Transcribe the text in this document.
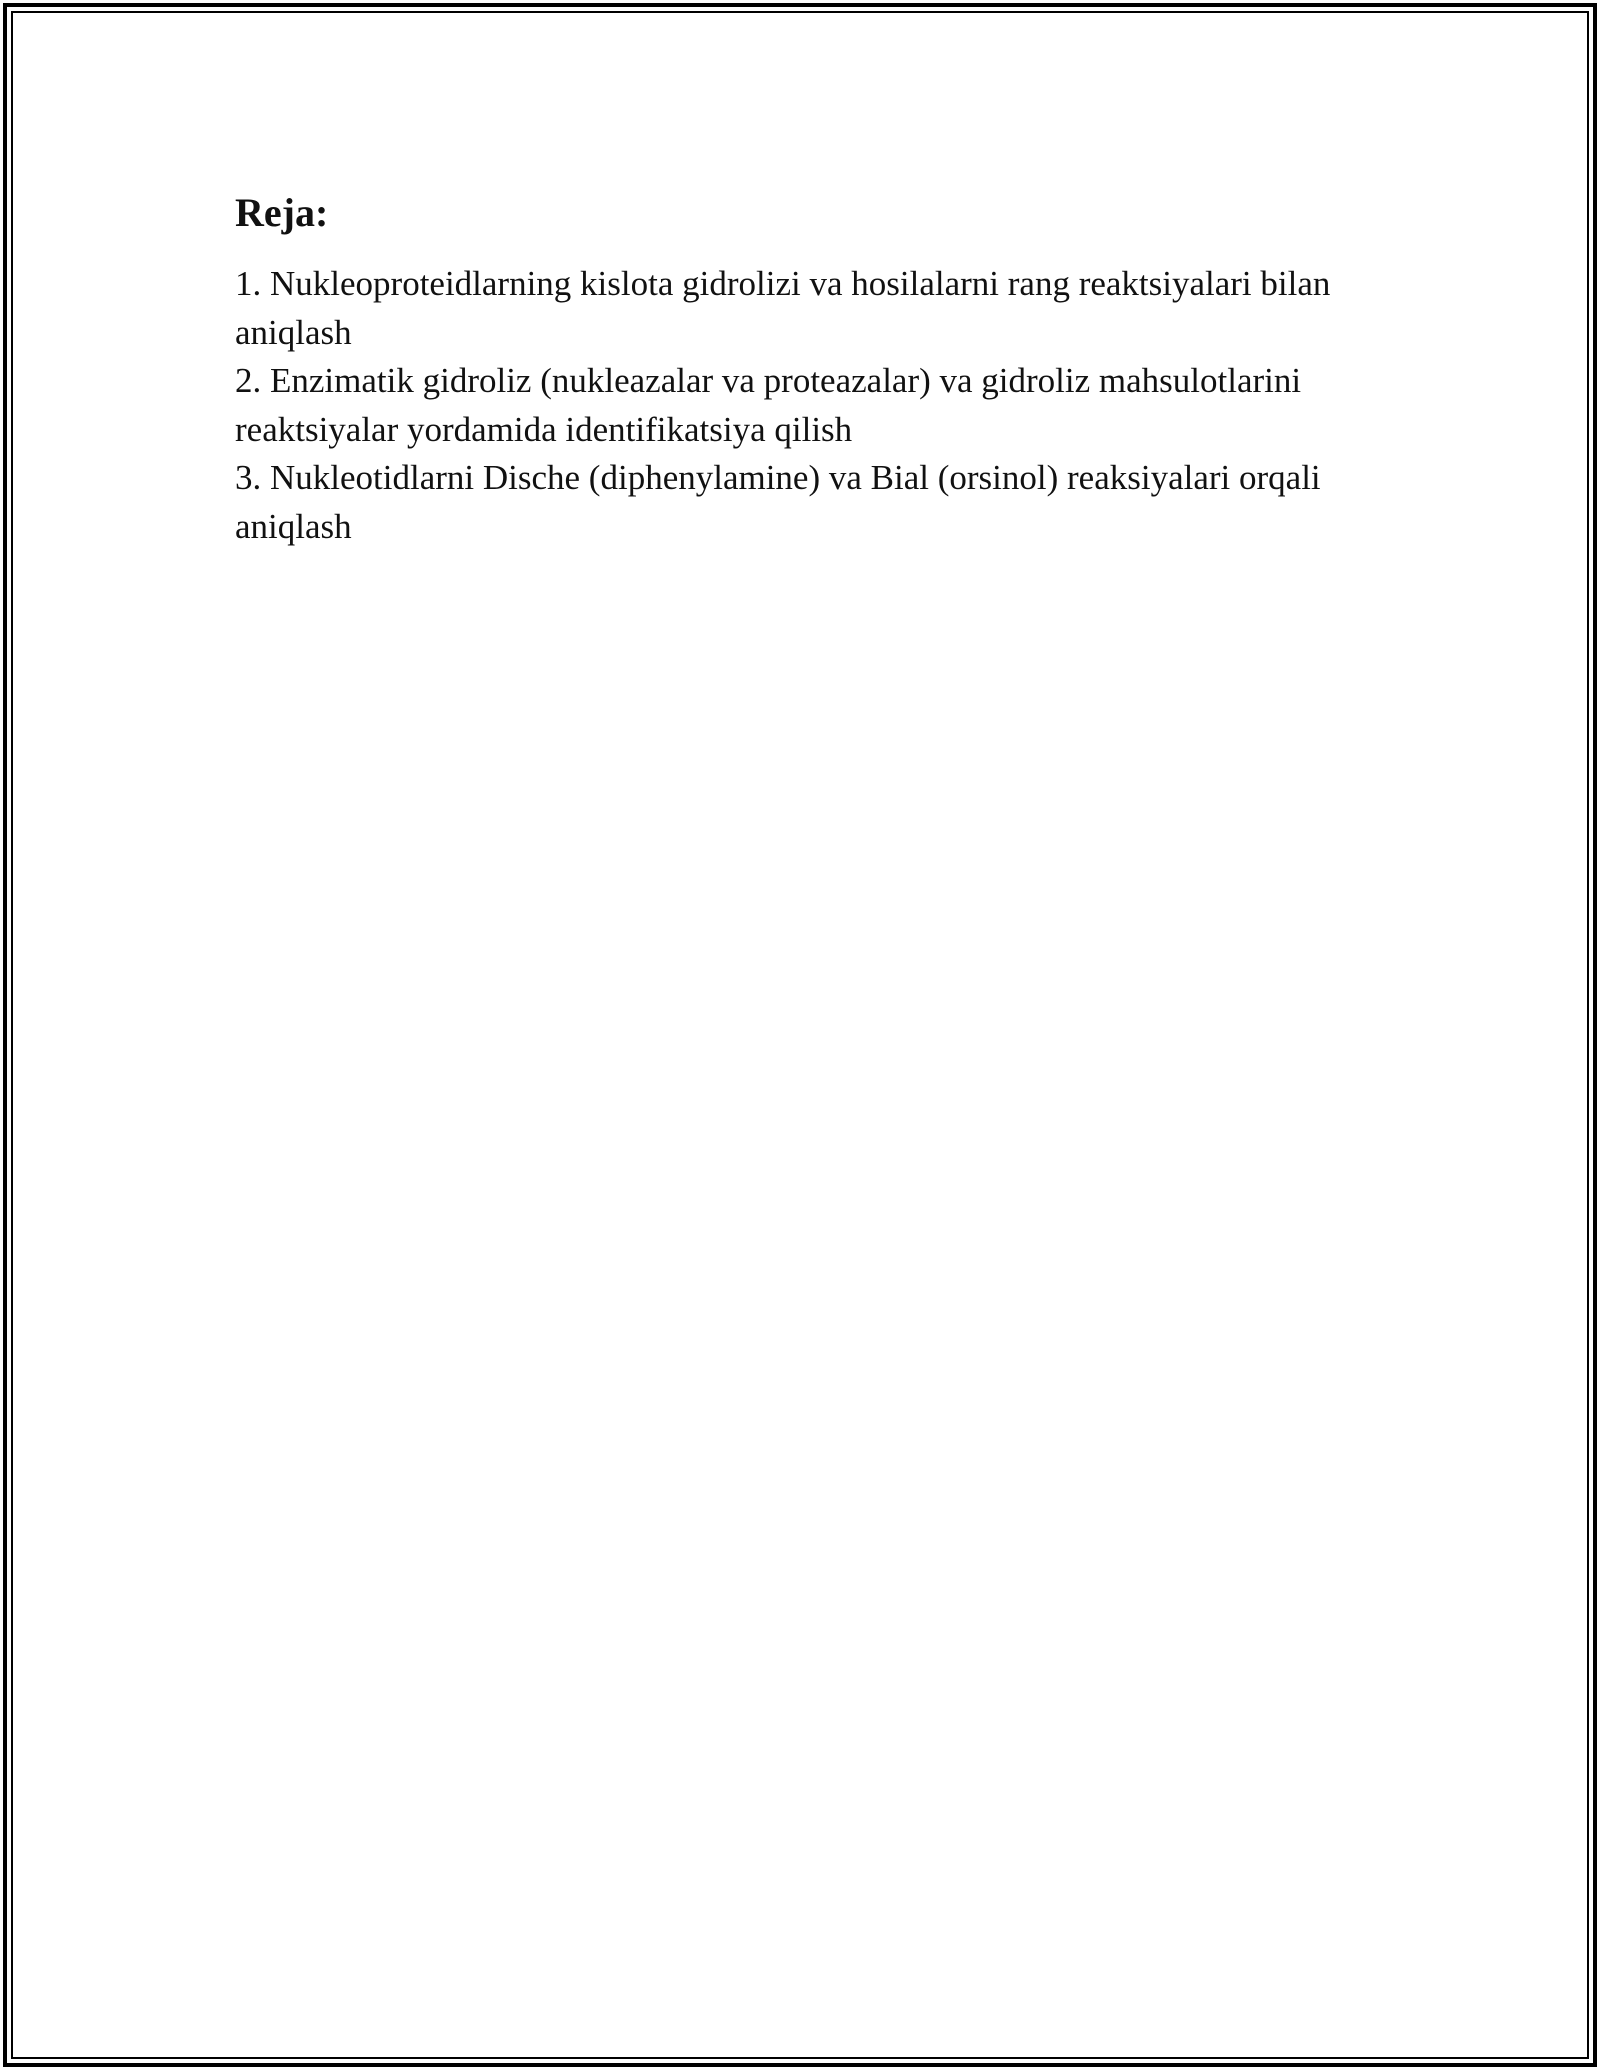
Reja:
1. Nukleoproteidlarning kislota gidrolizi va hosilalarni rang reaktsiyalari bilan aniqlash
2. Enzimatik gidroliz (nukleazalar va proteazalar) va gidroliz mahsulotlarini reaktsiyalar yordamida identifikatsiya qilish
3. Nukleotidlarni Dische (diphenylamine) va Bial (orsinol) reaksiyalari orqali aniqlash
